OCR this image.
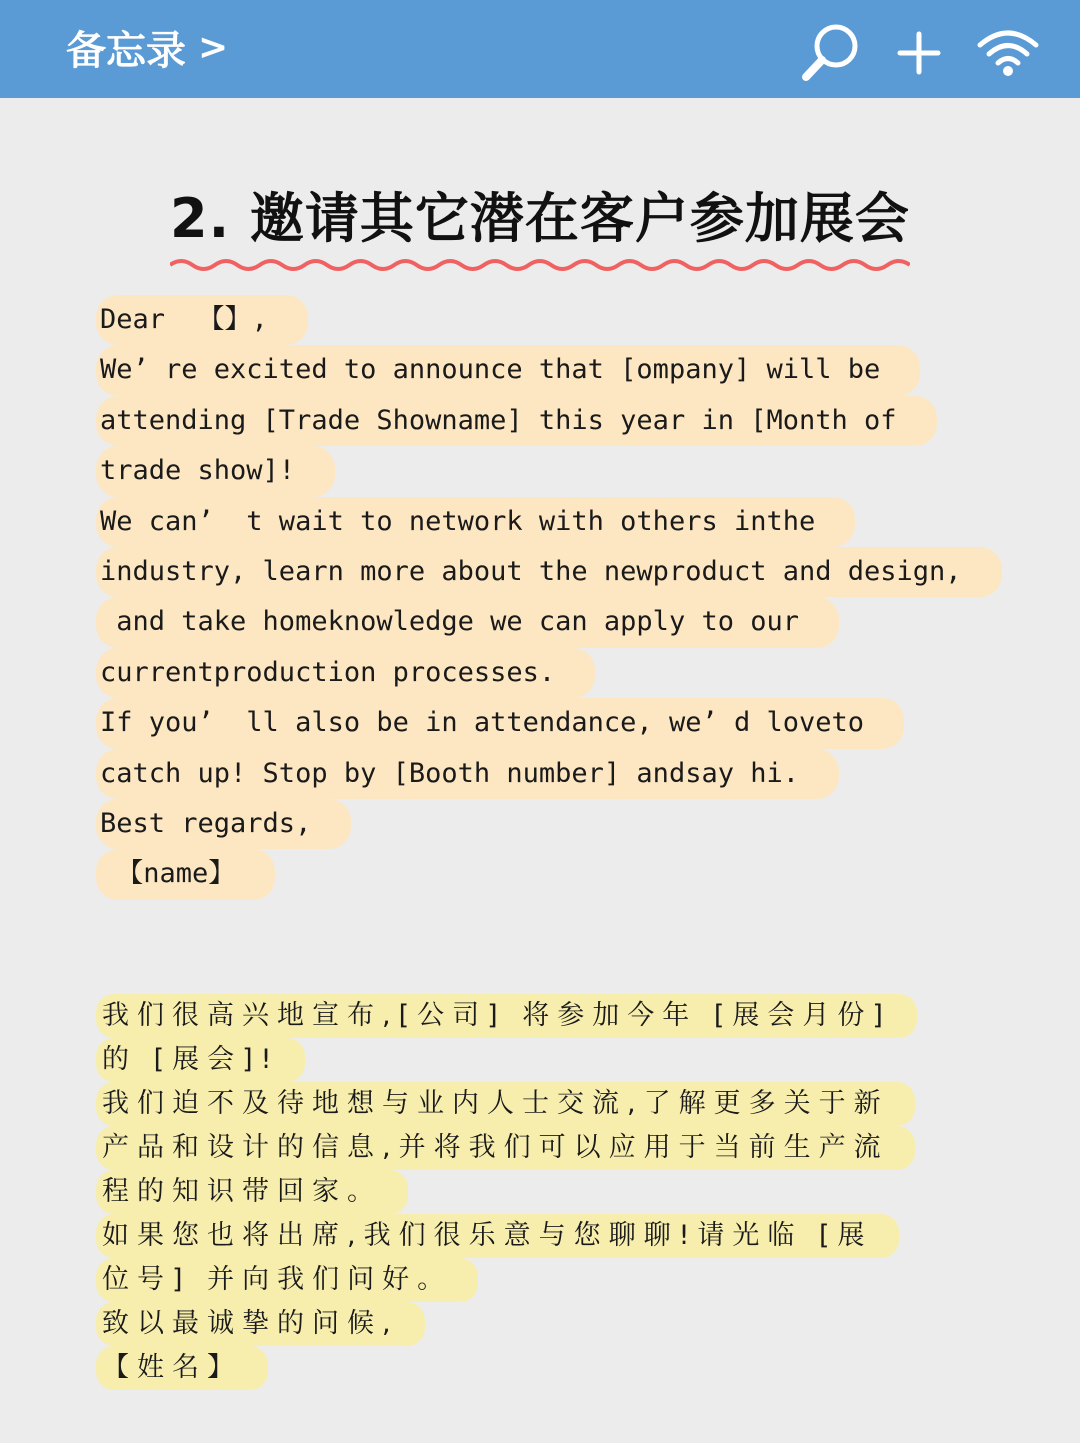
备忘录 >
2. 邀请其它潜在客户参加展会
Dear  【】,
We’ re excited to announce that [ompany] will be
attending [Trade Showname] this year in [Month of
trade show]!
We can’  t wait to network with others inthe
industry, learn more about the newproduct and design,
and take homeknowledge we can apply to our
currentproduction processes.
If you’  ll also be in attendance, we’ d loveto
catch up! Stop by [Booth number] andsay hi.
Best regards,
【name】
我们很高兴地宣布,[公司] 将参加今年 [展会月份]
的 [展会]!
我们迫不及待地想与业内人士交流,了解更多关于新
产品和设计的信息,并将我们可以应用于当前生产流
程的知识带回家。
如果您也将出席,我们很乐意与您聊聊!请光临 [展
位号] 并向我们问好。
致以最诚挚的问候,
【姓名】
